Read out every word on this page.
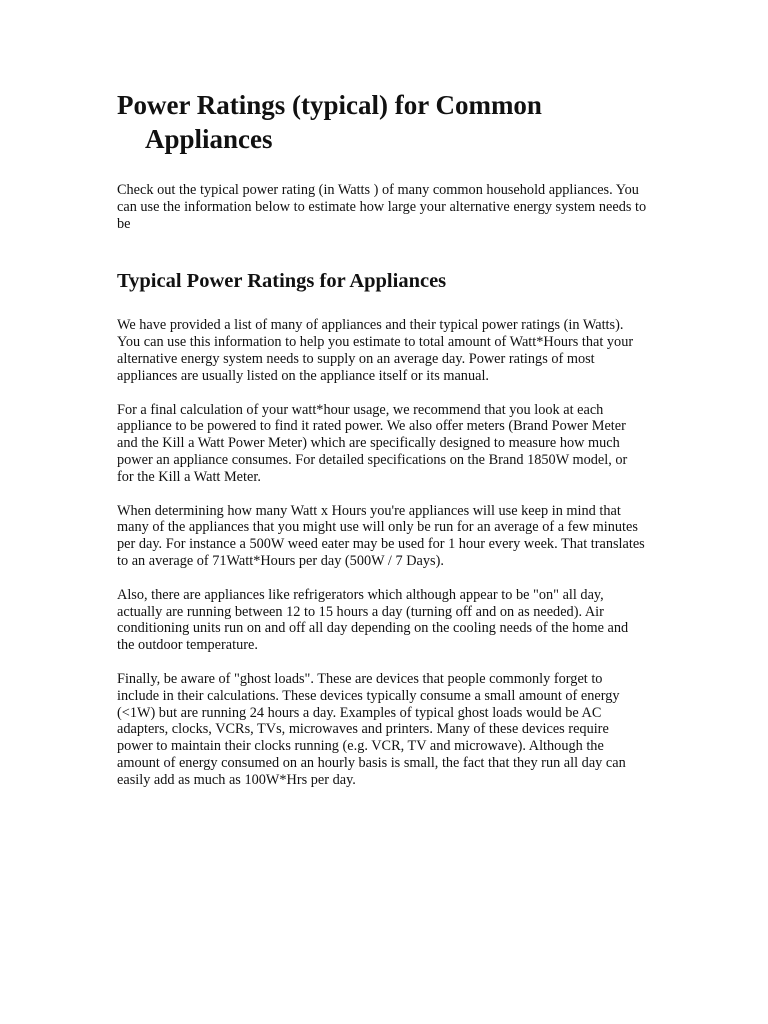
Power Ratings (typical) for Common Appliances

Check out the typical power rating (in Watts ) of many common household appliances. You can use the information below to estimate how large your alternative energy system needs to be

Typical Power Ratings for Appliances

We have provided a list of many of appliances and their typical power ratings (in Watts). You can use this information to help you estimate to total amount of Watt*Hours that your alternative energy system needs to supply on an average day. Power ratings of most appliances are usually listed on the appliance itself or its manual.

For a final calculation of your watt*hour usage, we recommend that you look at each appliance to be powered to find it rated power. We also offer meters (Brand Power Meter and the Kill a Watt Power Meter) which are specifically designed to measure how much power an appliance consumes. For detailed specifications on the Brand 1850W model, or for the Kill a Watt Meter.

When determining how many Watt x Hours you're appliances will use keep in mind that many of the appliances that you might use will only be run for an average of a few minutes per day. For instance a 500W weed eater may be used for 1 hour every week. That translates to an average of 71Watt*Hours per day (500W / 7 Days).

Also, there are appliances like refrigerators which although appear to be "on" all day, actually are running between 12 to 15 hours a day (turning off and on as needed). Air conditioning units run on and off all day depending on the cooling needs of the home and the outdoor temperature.

Finally, be aware of "ghost loads". These are devices that people commonly forget to include in their calculations. These devices typically consume a small amount of energy (<1W) but are running 24 hours a day. Examples of typical ghost loads would be AC adapters, clocks, VCRs, TVs, microwaves and printers. Many of these devices require power to maintain their clocks running (e.g. VCR, TV and microwave). Although the amount of energy consumed on an hourly basis is small, the fact that they run all day can easily add as much as 100W*Hrs per day.
